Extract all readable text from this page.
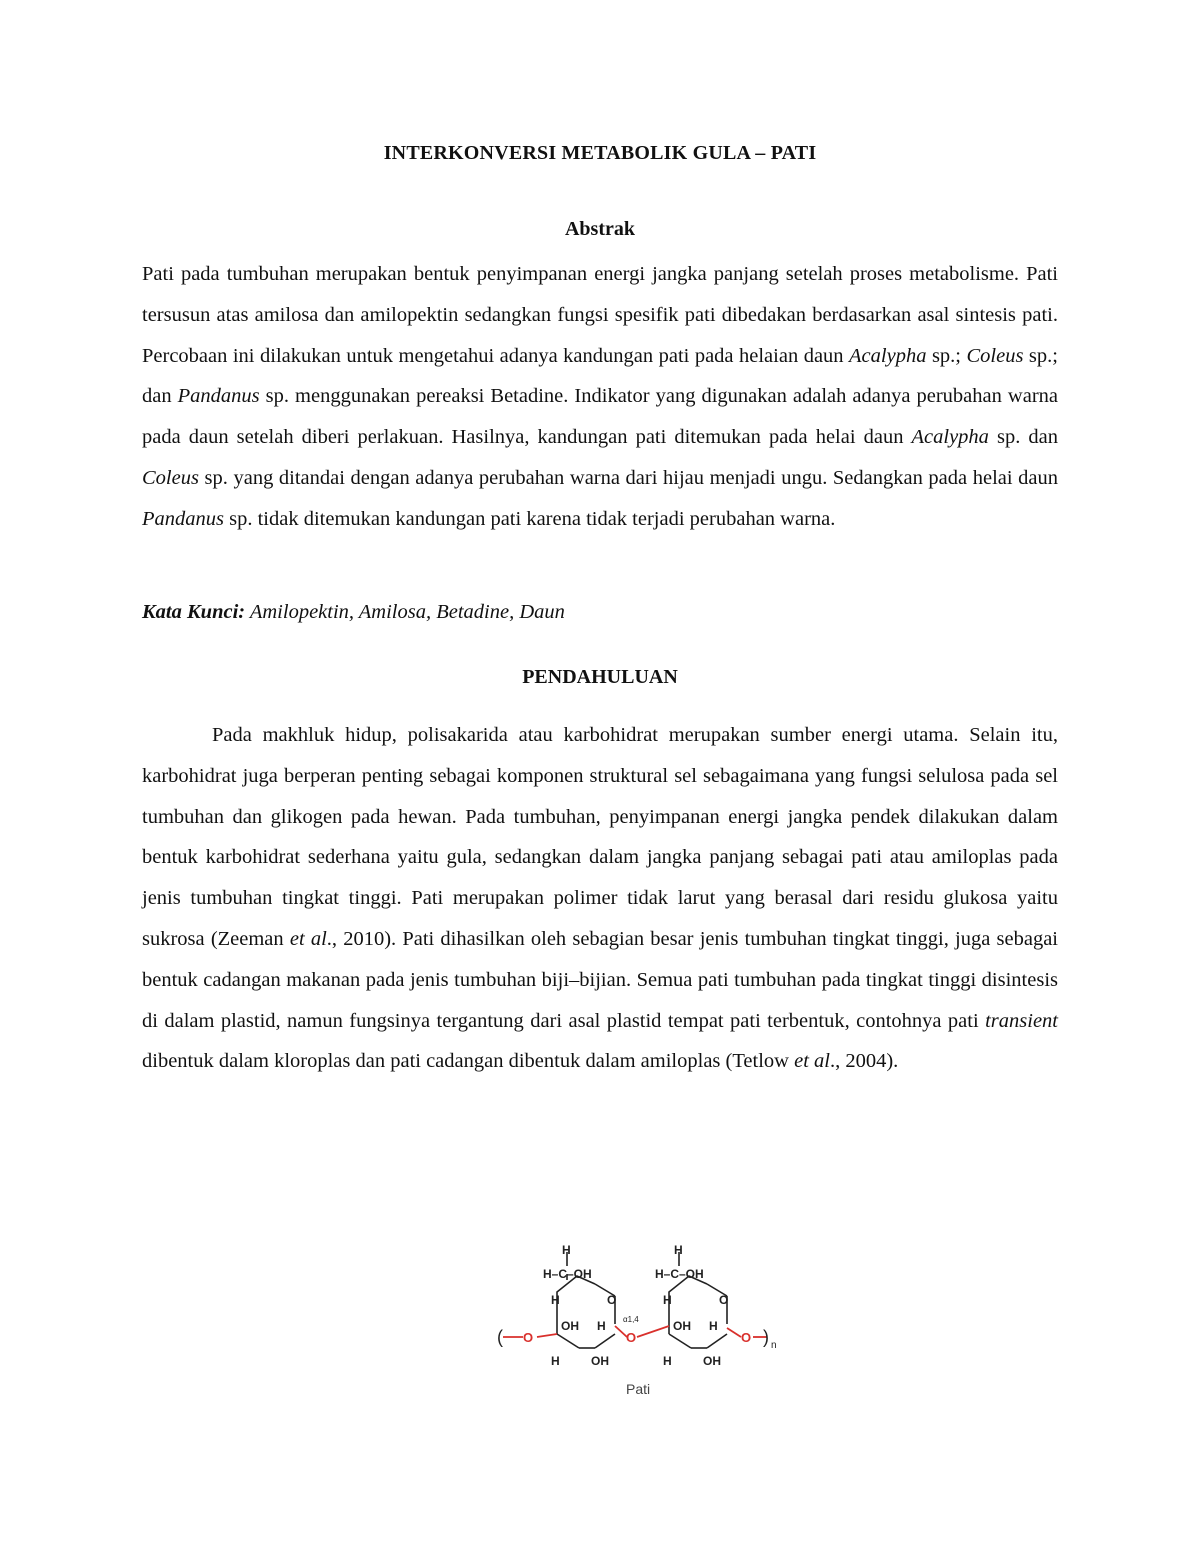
INTERKONVERSI METABOLIK GULA – PATI
Abstrak

Pati pada tumbuhan merupakan bentuk penyimpanan energi jangka panjang setelah proses metabolisme. Pati tersusun atas amilosa dan amilopektin sedangkan fungsi spesifik pati dibedakan berdasarkan asal sintesis pati. Percobaan ini dilakukan untuk mengetahui adanya kandungan pati pada helaian daun Acalypha sp.; Coleus sp.; dan Pandanus sp. menggunakan pereaksi Betadine. Indikator yang digunakan adalah adanya perubahan warna pada daun setelah diberi perlakuan. Hasilnya, kandungan pati ditemukan pada helai daun Acalypha sp. dan Coleus sp. yang ditandai dengan adanya perubahan warna dari hijau menjadi ungu. Sedangkan pada helai daun Pandanus sp. tidak ditemukan kandungan pati karena tidak terjadi perubahan warna.

Kata Kunci: Amilopektin, Amilosa, Betadine, Daun
PENDAHULUAN

Pada makhluk hidup, polisakarida atau karbohidrat merupakan sumber energi utama. Selain itu, karbohidrat juga berperan penting sebagai komponen struktural sel sebagaimana yang fungsi selulosa pada sel tumbuhan dan glikogen pada hewan. Pada tumbuhan, penyimpanan energi jangka pendek dilakukan dalam bentuk karbohidrat sederhana yaitu gula, sedangkan dalam jangka panjang sebagai pati atau amiloplas pada jenis tumbuhan tingkat tinggi. Pati merupakan polimer tidak larut yang berasal dari residu glukosa yaitu sukrosa (Zeeman et al., 2010). Pati dihasilkan oleh sebagian besar jenis tumbuhan tingkat tinggi, juga sebagai bentuk cadangan makanan pada jenis tumbuhan biji–bijian. Semua pati tumbuhan pada tingkat tinggi disintesis di dalam plastid, namun fungsinya tergantung dari asal plastid tempat pati terbentuk, contohnya pati transient dibentuk dalam kloroplas dan pati cadangan dibentuk dalam amiloplas (Tetlow et al., 2004).

H
H–C–OH
H	O
OH H
H	OH
H
H–C–OH
H	O
OH H
H	OH
O	O	O
(	) n
α1,4
Pati
